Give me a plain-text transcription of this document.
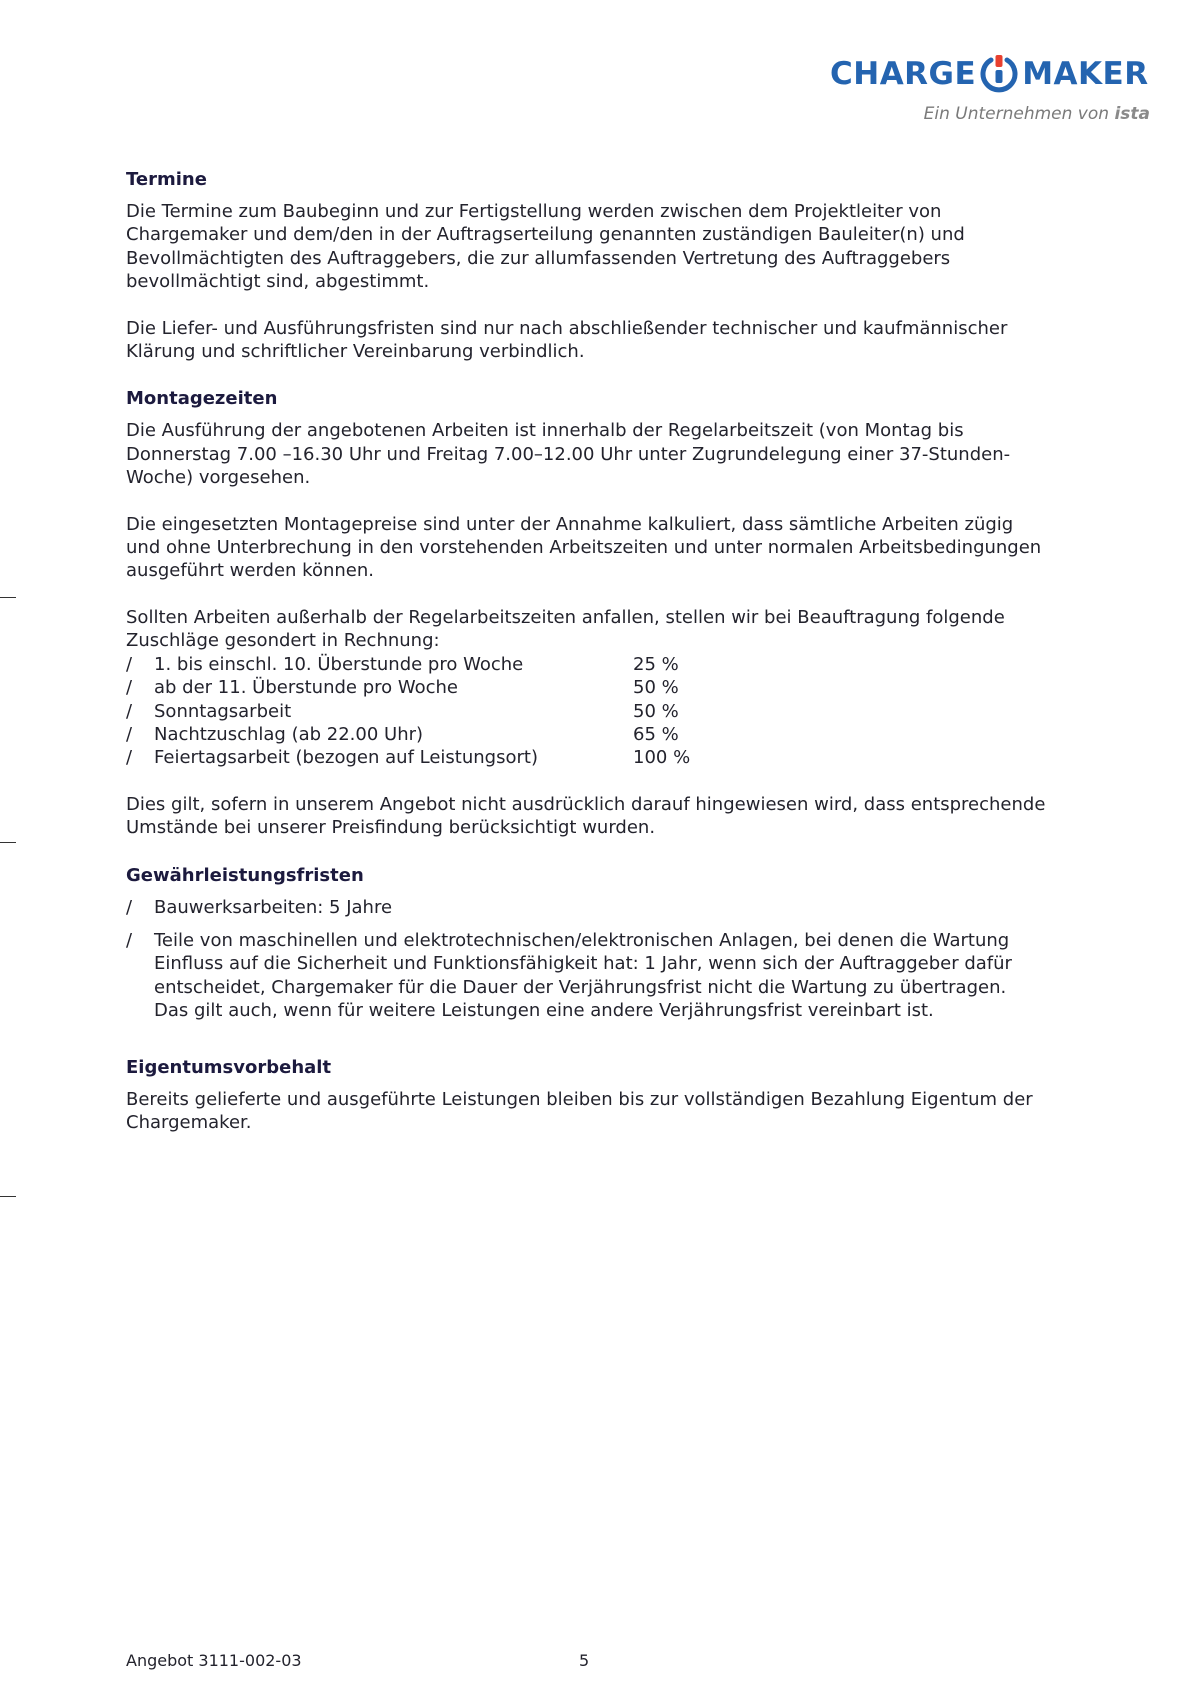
CHARGE MAKER
Ein Unternehmen von ista
Termine

Die Termine zum Baubeginn und zur Fertigstellung werden zwischen dem Projektleiter von Chargemaker und dem/den in der Auftragserteilung genannten zuständigen Bauleiter(n) und Bevollmächtigten des Auftraggebers, die zur allumfassenden Vertretung des Auftraggebers bevollmächtigt sind, abgestimmt.

Die Liefer- und Ausführungsfristen sind nur nach abschließender technischer und kaufmännischer Klärung und schriftlicher Vereinbarung verbindlich.

Montagezeiten

Die Ausführung der angebotenen Arbeiten ist innerhalb der Regelarbeitszeit (von Montag bis Donnerstag 7.00 –16.30 Uhr und Freitag 7.00–12.00 Uhr unter Zugrundelegung einer 37-Stunden-Woche) vorgesehen.

Die eingesetzten Montagepreise sind unter der Annahme kalkuliert, dass sämtliche Arbeiten zügig und ohne Unterbrechung in den vorstehenden Arbeitszeiten und unter normalen Arbeitsbedingungen ausgeführt werden können.

Sollten Arbeiten außerhalb der Regelarbeitszeiten anfallen, stellen wir bei Beauftragung folgende Zuschläge gesondert in Rechnung:

/	1. bis einschl. 10. Überstunde pro Woche	25 %
/	ab der 11. Überstunde pro Woche	50 %
/	Sonntagsarbeit	50 %
/	Nachtzuschlag (ab 22.00 Uhr)	65 %
/	Feiertagsarbeit (bezogen auf Leistungsort)	100 %

Dies gilt, sofern in unserem Angebot nicht ausdrücklich darauf hingewiesen wird, dass entsprechende Umstände bei unserer Preisfindung berücksichtigt wurden.

Gewährleistungsfristen
/	Bauwerksarbeiten: 5 Jahre
/	Teile von maschinellen und elektrotechnischen/elektronischen Anlagen, bei denen die Wartung Einfluss auf die Sicherheit und Funktionsfähigkeit hat: 1 Jahr, wenn sich der Auftraggeber dafür entscheidet, Chargemaker für die Dauer der Verjährungsfrist nicht die Wartung zu übertragen. Das gilt auch, wenn für weitere Leistungen eine andere Verjährungsfrist vereinbart ist.
Eigentumsvorbehalt

Bereits gelieferte und ausgeführte Leistungen bleiben bis zur vollständigen Bezahlung Eigentum der Chargemaker.

Angebot 3111-002-03	5
